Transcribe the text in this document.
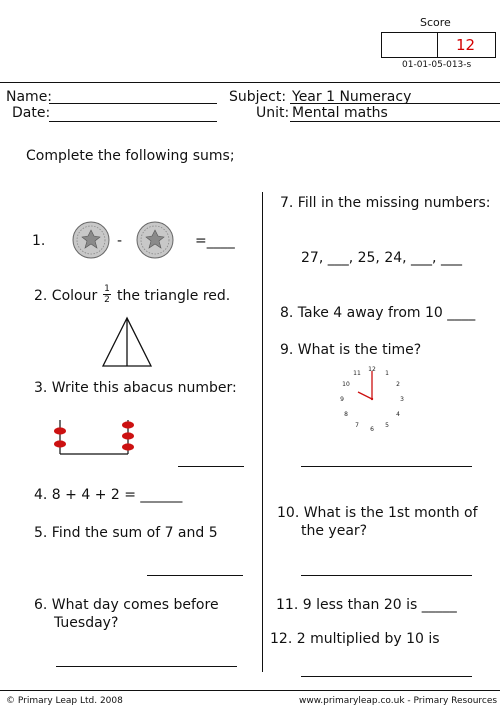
Score
12
01-01-05-013-s
Name:
Date:
Subject: Year 1 Numeracy
Unit: Mental maths
Complete the following sums;
1.	-	=____
2. Colour $\frac{1}{2}$ the triangle red.
3. Write this abacus number:
4. 8 + 4 + 2 = ______
5. Find the sum of 7 and 5
6. What day comes before
Tuesday?
7. Fill in the missing numbers:
27, ___, 25, 24, ___, ___
8. Take 4 away from 10 ____
9. What is the time?
12
1
2
3
4
5
6
7
8
9
10
11
10. What is the 1st month of
the year?
11. 9 less than 20 is _____
12. 2 multiplied by 10 is
© Primary Leap Ltd. 2008	www.primaryleap.co.uk - Primary Resources
